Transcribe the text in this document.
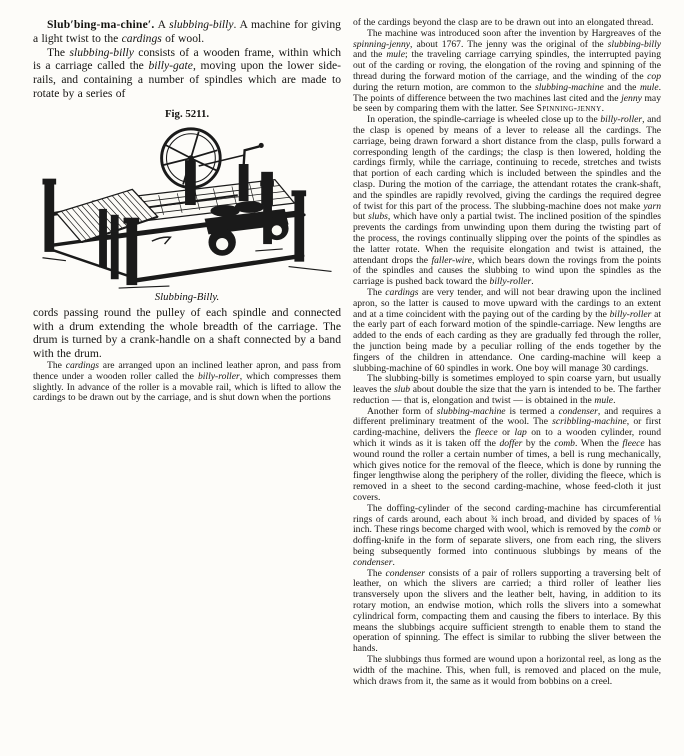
Slub′bing-ma-chine′. A slubbing-billy. A machine for giving a light twist to the cardings of wool.

The slubbing-billy consists of a wooden frame, within which is a carriage called the billy-gate, moving upon the lower side-rails, and containing a number of spindles which are made to rotate by a series of

Fig. 5211.
Slubbing-Billy.

cords passing round the pulley of each spindle and connected with a drum extending the whole breadth of the carriage. The drum is turned by a crank-handle on a shaft connected by a band with the drum.

The cardings are arranged upon an inclined leather apron, and pass from thence under a wooden roller called the billy-roller, which compresses them slightly. In advance of the roller is a movable rail, which is lifted to allow the cardings to be drawn out by the carriage, and is shut down when the portions

of the cardings beyond the clasp are to be drawn out into an elongated thread.

The machine was introduced soon after the invention by Hargreaves of the spinning-jenny, about 1767. The jenny was the original of the slubbing-billy and the mule; the traveling carriage carrying spindles, the interrupted paying out of the carding or roving, the elongation of the roving and spinning of the thread during the forward motion of the carriage, and the winding of the cop during the return motion, are common to the slubbing-machine and the mule. The points of difference between the two machines last cited and the jenny may be seen by comparing them with the latter. See Spinning-jenny.

In operation, the spindle-carriage is wheeled close up to the billy-roller, and the clasp is opened by means of a lever to release all the cardings. The carriage, being drawn forward a short distance from the clasp, pulls forward a corresponding length of the cardings; the clasp is then lowered, holding the cardings firmly, while the carriage, continuing to recede, stretches and twists that portion of each carding which is included between the spindles and the clasp. During the motion of the carriage, the attendant rotates the crank-shaft, and the spindles are rapidly revolved, giving the cardings the required degree of twist for this part of the process. The slubbing-machine does not make yarn but slubs, which have only a partial twist. The inclined position of the spindles prevents the cardings from unwinding upon them during the twisting part of the process, the rovings continually slipping over the points of the spindles as the latter rotate. When the requisite elongation and twist is attained, the attendant drops the faller-wire, which bears down the rovings from the points of the spindles and causes the slubbing to wind upon the spindles as the carriage is pushed back toward the billy-roller.

The cardings are very tender, and will not bear drawing upon the inclined apron, so the latter is caused to move upward with the cardings to an extent and at a time coincident with the paying out of the carding by the billy-roller at the early part of each forward motion of the spindle-carriage. New lengths are added to the ends of each carding as they are gradually fed through the roller, the junction being made by a peculiar rolling of the ends together by the fingers of the children in attendance. One carding-machine will keep a slubbing-machine of 60 spindles in work. One boy will manage 30 cardings.

The slubbing-billy is sometimes employed to spin coarse yarn, but usually leaves the slub about double the size that the yarn is intended to be. The farther reduction — that is, elongation and twist — is obtained in the mule.

Another form of slubbing-machine is termed a condenser, and requires a different preliminary treatment of the wool. The scribbling-machine, or first carding-machine, delivers the fleece or lap on to a wooden cylinder, round which it winds as it is taken off the doffer by the comb. When the fleece has wound round the roller a certain number of times, a bell is rung mechanically, which gives notice for the removal of the fleece, which is done by running the finger lengthwise along the periphery of the roller, dividing the fleece, which is removed in a sheet to the second carding-machine, whose feed-cloth it just covers.

The doffing-cylinder of the second carding-machine has circumferential rings of cards around, each about ¾ inch broad, and divided by spaces of ⅛ inch. These rings become charged with wool, which is removed by the comb or doffing-knife in the form of separate slivers, one from each ring, the slivers being subsequently formed into continuous slubbings by means of the condenser.

The condenser consists of a pair of rollers supporting a traversing belt of leather, on which the slivers are carried; a third roller of leather lies transversely upon the slivers and the leather belt, having, in addition to its rotary motion, an endwise motion, which rolls the slivers into a somewhat cylindrical form, compacting them and causing the fibers to interlace. By this means the slubbings acquire sufficient strength to enable them to stand the operation of spinning. The effect is similar to rubbing the sliver between the hands.

The slubbings thus formed are wound upon a horizontal reel, as long as the width of the machine. This, when full, is removed and placed on the mule, which draws from it, the same as it would from bobbins on a creel.
